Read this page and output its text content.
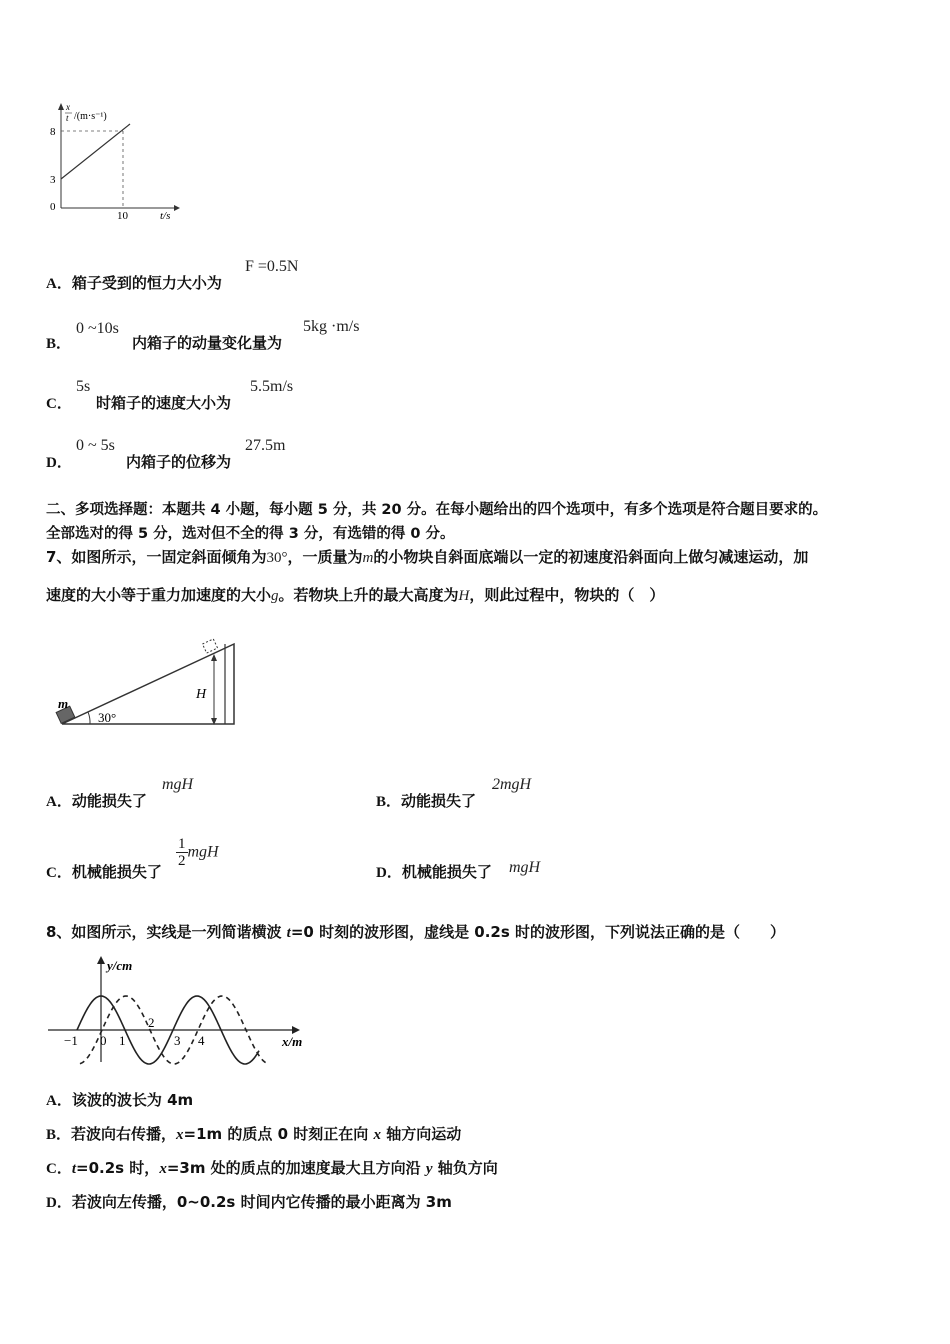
x
t /(m·s⁻¹)
8
3
0
10	t/s
A．箱子受到的恒力大小为
F =0.5N
B．
0 ~10s
内箱子的动量变化量为
5kg ·m/s
C．
5s
时箱子的速度大小为
5.5m/s
D．
0 ~ 5s
内箱子的位移为
27.5m
二、多项选择题：本题共 4 小题，每小题 5 分，共 20 分。在每小题给出的四个选项中，有多个选项是符合题目要求的。
全部选对的得 5 分，选对但不全的得 3 分，有选错的得 0 分。
7、如图所示，一固定斜面倾角为30°，一质量为m的小物块自斜面底端以一定的初速度沿斜面向上做匀减速运动，加
速度的大小等于重力加速度的大小g。若物块上升的最大高度为H，则此过程中，物块的（　）
H
m
30°
A．动能损失了
mgH
B．动能损失了
2mgH
C．机械能损失了
$\frac{1}{2}$ mgH
D．机械能损失了 mgH
8、如图所示，实线是一列简谐横波 t=0 时刻的波形图，虚线是 0.2s 时的波形图，下列说法正确的是（　　）
y/cm
x/m
−1 0 1
2
3 4
A．该波的波长为 4m
B．若波向右传播，x=1m 的质点 0 时刻正在向 x 轴方向运动
C．t=0.2s 时，x=3m 处的质点的加速度最大且方向沿 y 轴负方向
D．若波向左传播，0~0.2s 时间内它传播的最小距离为 3m
